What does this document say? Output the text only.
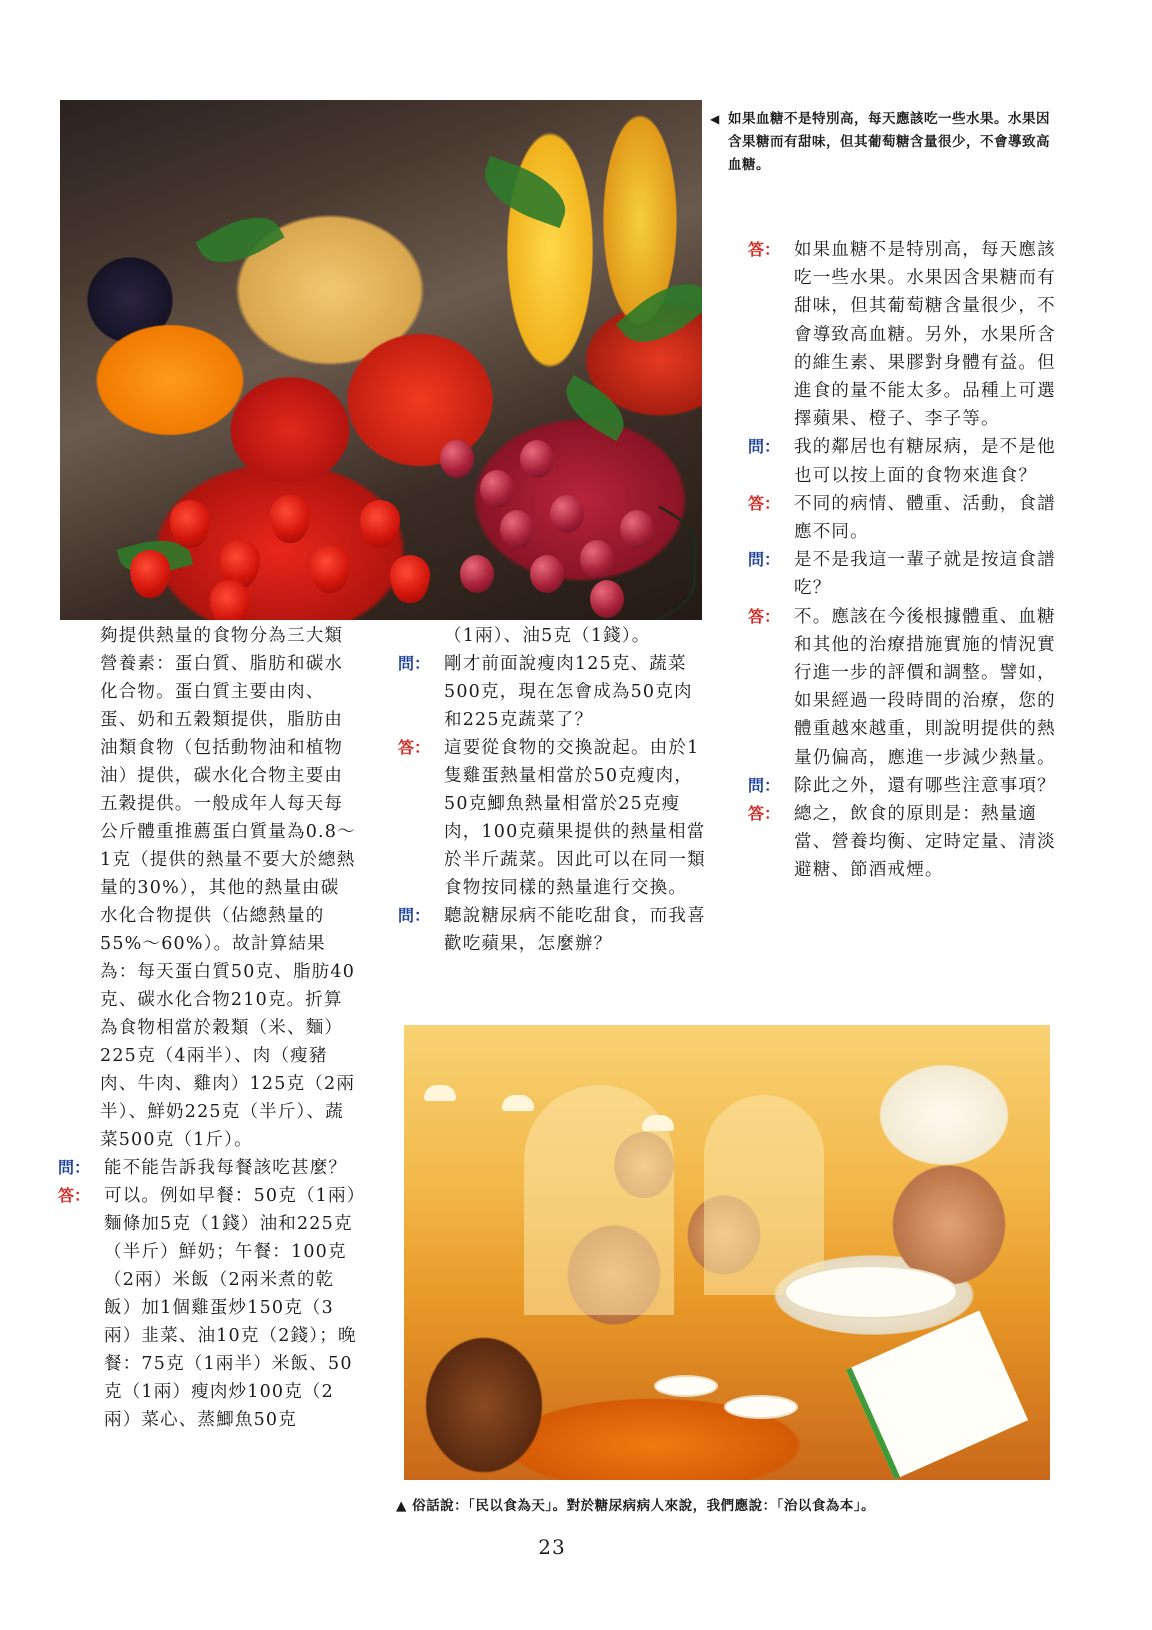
◀ 如果血糖不是特別高，每天應該吃一些水果。水果因含果糖而有甜味，但其葡萄糖含量很少，不會導致高血糖。

夠提供熱量的食物分為三大類營養素：蛋白質、脂肪和碳水化合物。蛋白質主要由肉、蛋、奶和五穀類提供，脂肪由油類食物（包括動物油和植物油）提供，碳水化合物主要由五穀提供。一般成年人每天每公斤體重推薦蛋白質量為0.8～1克（提供的熱量不要大於總熱量的30%），其他的熱量由碳水化合物提供（佔總熱量的55%～60%）。故計算結果為：每天蛋白質50克、脂肪40克、碳水化合物210克。折算為食物相當於穀類（米、麵）225克（4兩半）、肉（瘦豬肉、牛肉、雞肉）125克（2兩半）、鮮奶225克（半斤）、蔬菜500克（1斤）。

問： 能不能告訴我每餐該吃甚麼？
答： 可以。例如早餐：50克（1兩）麵條加5克（1錢）油和225克（半斤）鮮奶；午餐：100克（2兩）米飯（2兩米煮的乾飯）加1個雞蛋炒150克（3兩）韭菜、油10克（2錢）；晚餐：75克（1兩半）米飯、50克（1兩）瘦肉炒100克（2兩）菜心、蒸鯽魚50克

（1兩）、油5克（1錢）。

問： 剛才前面說瘦肉125克、蔬菜500克，現在怎會成為50克肉和225克蔬菜了？
答： 這要從食物的交換說起。由於1隻雞蛋熱量相當於50克瘦肉，50克鯽魚熱量相當於25克瘦肉，100克蘋果提供的熱量相當於半斤蔬菜。因此可以在同一類食物按同樣的熱量進行交換。
問： 聽說糖尿病不能吃甜食，而我喜歡吃蘋果，怎麼辦？
答： 如果血糖不是特別高，每天應該吃一些水果。水果因含果糖而有甜味，但其葡萄糖含量很少，不會導致高血糖。另外，水果所含的維生素、果膠對身體有益。但進食的量不能太多。品種上可選擇蘋果、橙子、李子等。
問： 我的鄰居也有糖尿病，是不是他也可以按上面的食物來進食？
答： 不同的病情、體重、活動，食譜應不同。
問： 是不是我這一輩子就是按這食譜吃？
答： 不。應該在今後根據體重、血糖和其他的治療措施實施的情況實行進一步的評價和調整。譬如，如果經過一段時間的治療，您的體重越來越重，則說明提供的熱量仍偏高，應進一步減少熱量。
問： 除此之外，還有哪些注意事項？
答： 總之，飲食的原則是：熱量適當、營養均衡、定時定量、清淡避糖、節酒戒煙。
▲ 俗話說：「民以食為天」。對於糖尿病病人來說，我們應說：「治以食為本」。
23
